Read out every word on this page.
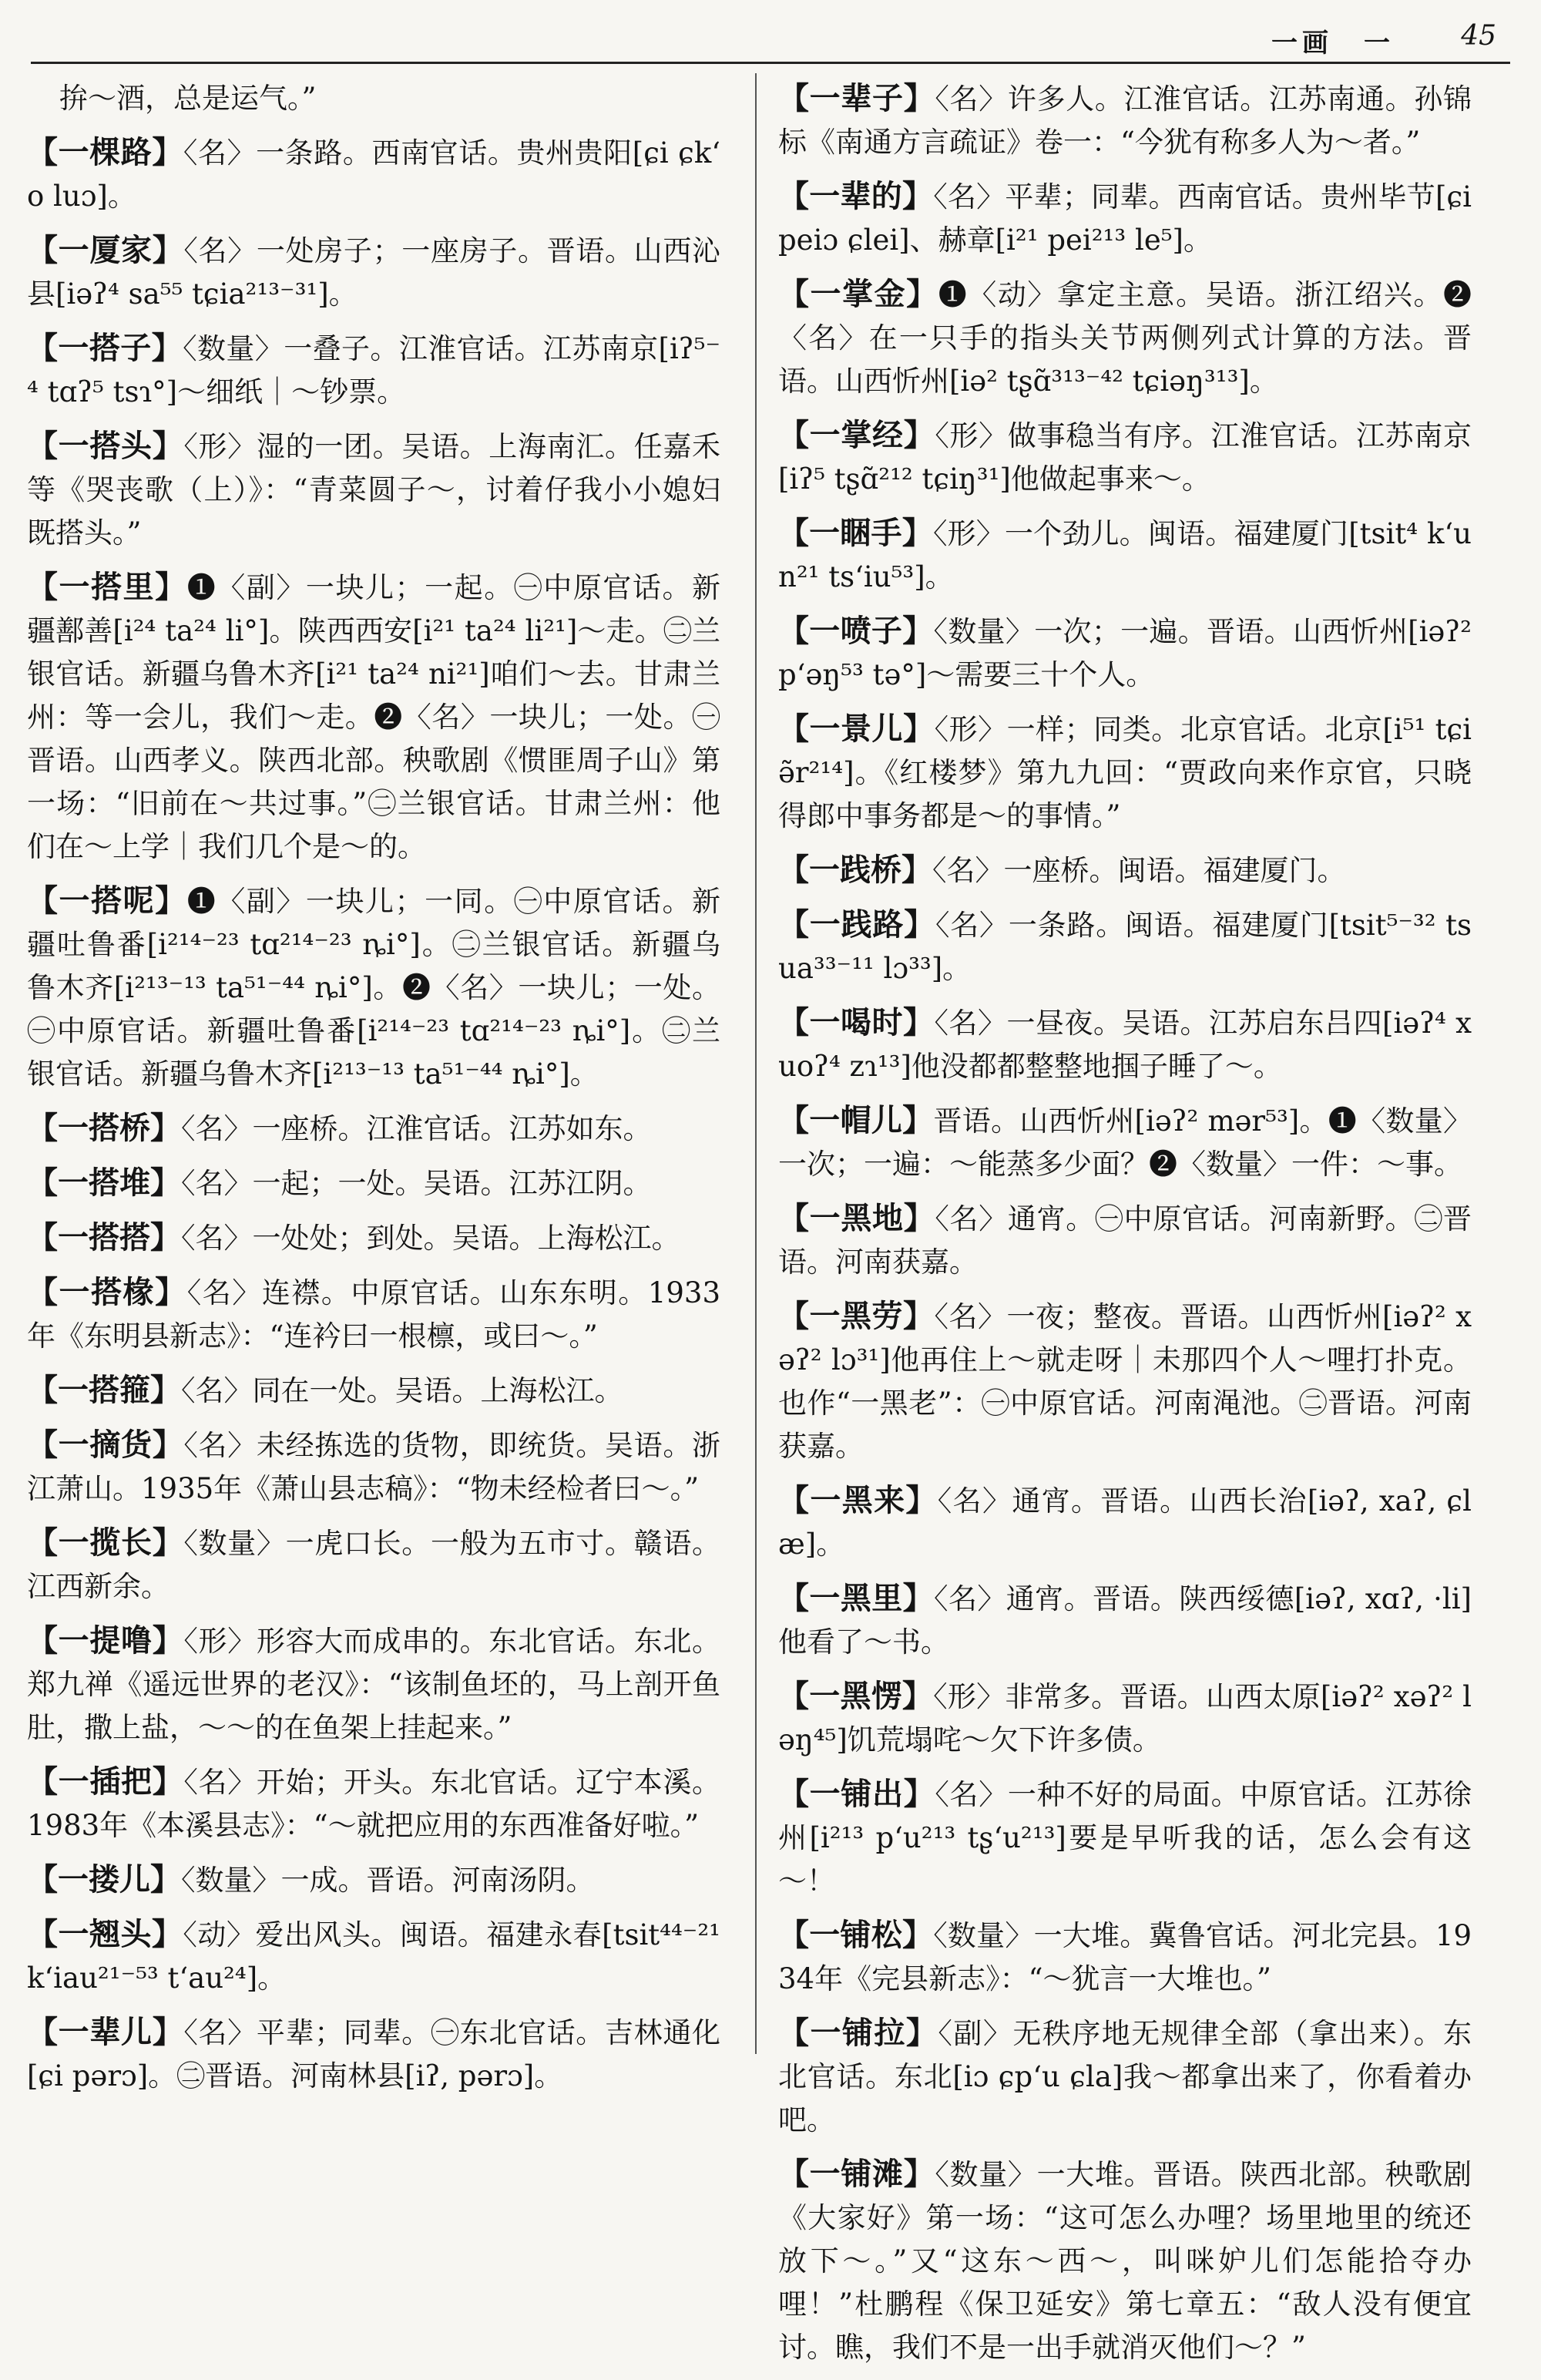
一画　一 45

拚～酒，总是运气。”

【一棵路】〈名〉一条路。西南官话。贵州贵阳[ɕi ɕkʻo luɔ]。

【一厦家】〈名〉一处房子；一座房子。晋语。山西沁县[iəʔ⁴ sa⁵⁵ tɕia²¹³⁻³¹]。

【一搭子】〈数量〉一叠子。江淮官话。江苏南京[iʔ⁵⁻⁴ tɑʔ⁵ tsɿ°]～细纸｜～钞票。

【一搭头】〈形〉湿的一团。吴语。上海南汇。任嘉禾等《哭丧歌（上）》：“青菜圆子～，讨着仔我小小媳妇既搭头。”

【一搭里】❶〈副〉一块儿；一起。㊀中原官话。新疆鄯善[i²⁴ ta²⁴ li°]。陕西西安[i²¹ ta²⁴ li²¹]～走。㊁兰银官话。新疆乌鲁木齐[i²¹ ta²⁴ ni²¹]咱们～去。甘肃兰州：等一会儿，我们～走。❷〈名〉一块儿；一处。㊀晋语。山西孝义。陕西北部。秧歌剧《惯匪周子山》第一场：“旧前在～共过事。”㊁兰银官话。甘肃兰州：他们在～上学｜我们几个是～的。

【一搭呢】❶〈副〉一块儿；一同。㊀中原官话。新疆吐鲁番[i²¹⁴⁻²³ tɑ²¹⁴⁻²³ ȵi°]。㊁兰银官话。新疆乌鲁木齐[i²¹³⁻¹³ ta⁵¹⁻⁴⁴ ȵi°]。❷〈名〉一块儿；一处。㊀中原官话。新疆吐鲁番[i²¹⁴⁻²³ tɑ²¹⁴⁻²³ ȵi°]。㊁兰银官话。新疆乌鲁木齐[i²¹³⁻¹³ ta⁵¹⁻⁴⁴ ȵi°]。

【一搭桥】〈名〉一座桥。江淮官话。江苏如东。

【一搭堆】〈名〉一起；一处。吴语。江苏江阴。

【一搭搭】〈名〉一处处；到处。吴语。上海松江。

【一搭椽】〈名〉连襟。中原官话。山东东明。1933年《东明县新志》：“连衿曰一根檩，或曰～。”

【一搭箍】〈名〉同在一处。吴语。上海松江。

【一摘货】〈名〉未经拣选的货物，即统货。吴语。浙江萧山。1935年《萧山县志稿》：“物未经检者曰～。”

【一揽长】〈数量〉一虎口长。一般为五市寸。赣语。江西新余。

【一提噜】〈形〉形容大而成串的。东北官话。东北。郑九禅《遥远世界的老汉》：“该制鱼坯的，马上剖开鱼肚，撒上盐，～～的在鱼架上挂起来。”

【一插把】〈名〉开始；开头。东北官话。辽宁本溪。1983年《本溪县志》：“～就把应用的东西准备好啦。”

【一搂儿】〈数量〉一成。晋语。河南汤阴。

【一翘头】〈动〉爱出风头。闽语。福建永春[tsit⁴⁴⁻²¹ kʻiau²¹⁻⁵³ tʻau²⁴]。

【一辈儿】〈名〉平辈；同辈。㊀东北官话。吉林通化[ɕi pərɔ]。㊁晋语。河南林县[iʔ, pərɔ]。

【一辈子】〈名〉许多人。江淮官话。江苏南通。孙锦标《南通方言疏证》卷一：“今犹有称多人为～者。”

【一辈的】〈名〉平辈；同辈。西南官话。贵州毕节[ɕi peiɔ ɕlei]、赫章[i²¹ pei²¹³ le⁵]。

【一掌金】❶〈动〉拿定主意。吴语。浙江绍兴。❷〈名〉在一只手的指头关节两侧列式计算的方法。晋语。山西忻州[iə² tʂɑ̃³¹³⁻⁴² tɕiəŋ³¹³]。

【一掌经】〈形〉做事稳当有序。江淮官话。江苏南京[iʔ⁵ tʂɑ̃²¹² tɕiŋ³¹]他做起事来～。

【一睏手】〈形〉一个劲儿。闽语。福建厦门[tsit⁴ kʻun²¹ tsʻiu⁵³]。

【一喷子】〈数量〉一次；一遍。晋语。山西忻州[iəʔ² pʻəŋ⁵³ tə°]～需要三十个人。

【一景儿】〈形〉一样；同类。北京官话。北京[i⁵¹ tɕiə̃r²¹⁴]。《红楼梦》第九九回：“贾政向来作京官，只晓得郎中事务都是～的事情。”

【一践桥】〈名〉一座桥。闽语。福建厦门。

【一践路】〈名〉一条路。闽语。福建厦门[tsit⁵⁻³² tsua³³⁻¹¹ lɔ³³]。

【一喝时】〈名〉一昼夜。吴语。江苏启东吕四[iəʔ⁴ xuoʔ⁴ zɿ¹³]他没都都整整地掴子睡了～。

【一帽儿】晋语。山西忻州[iəʔ² mər⁵³]。❶〈数量〉一次；一遍：～能蒸多少面？❷〈数量〉一件：～事。

【一黑地】〈名〉通宵。㊀中原官话。河南新野。㊁晋语。河南获嘉。

【一黑劳】〈名〉一夜；整夜。晋语。山西忻州[iəʔ² xəʔ² lɔ³¹]他再住上～就走呀｜未那四个人～哩打扑克。也作“一黑老”：㊀中原官话。河南渑池。㊁晋语。河南获嘉。

【一黑来】〈名〉通宵。晋语。山西长治[iəʔ, xaʔ, ɕlæ]。

【一黑里】〈名〉通宵。晋语。陕西绥德[iəʔ, xɑʔ, ·li]他看了～书。

【一黑愣】〈形〉非常多。晋语。山西太原[iəʔ² xəʔ² ləŋ⁴⁵]饥荒塌咤～欠下许多债。

【一铺出】〈名〉一种不好的局面。中原官话。江苏徐州[i²¹³ pʻu²¹³ tʂʻu²¹³]要是早听我的话，怎么会有这～！

【一铺松】〈数量〉一大堆。冀鲁官话。河北完县。1934年《完县新志》：“～犹言一大堆也。”

【一铺拉】〈副〉无秩序地无规律全部（拿出来）。东北官话。东北[iɔ ɕpʻu ɕla]我～都拿出来了，你看着办吧。

【一铺滩】〈数量〉一大堆。晋语。陕西北部。秧歌剧《大家好》第一场：“这可怎么办哩？场里地里的统还放下～。”又“这东～西～，叫咪妒儿们怎能拾夺办哩！”杜鹏程《保卫延安》第七章五：“敌人没有便宜讨。瞧，我们不是一出手就消灭他们～？”
